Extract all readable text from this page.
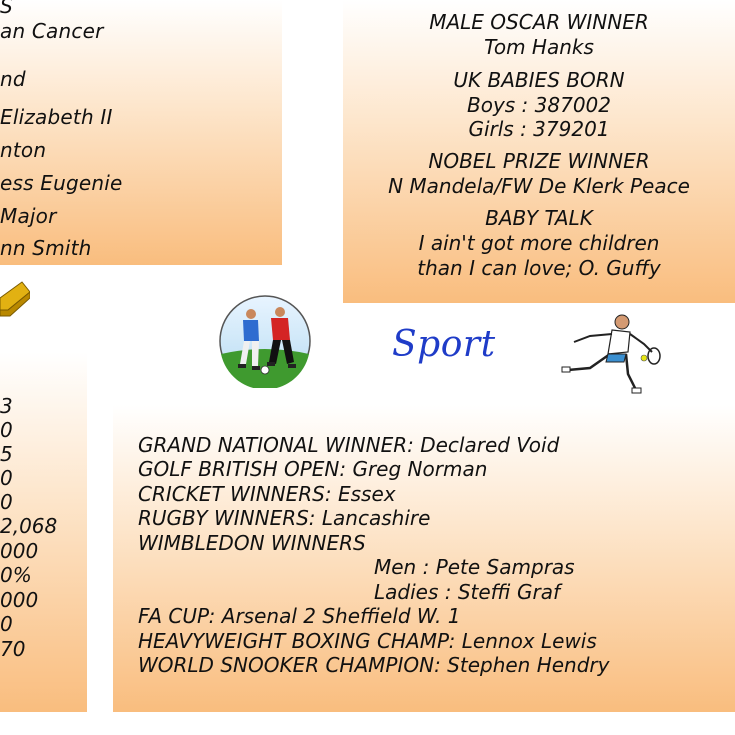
S
an Cancer
nd
Elizabeth II
nton
ess Eugenie
Major
nn Smith
MALE OSCAR WINNER
Tom Hanks
UK BABIES BORN
Boys : 387002
Girls : 379201
NOBEL PRIZE WINNER
N Mandela/FW De Klerk Peace
BABY TALK
I ain't got more children
than I can love; O. Guffy
Sport
3
0
5
0
0
2,068
000
0%
000
0
70
GRAND NATIONAL WINNER: Declared Void
GOLF BRITISH OPEN: Greg Norman
CRICKET WINNERS: Essex
RUGBY WINNERS: Lancashire
WIMBLEDON WINNERS
Men : Pete Sampras
Ladies : Steffi Graf
FA CUP: Arsenal 2 Sheffield W. 1
HEAVYWEIGHT BOXING CHAMP: Lennox Lewis
WORLD SNOOKER CHAMPION: Stephen Hendry
